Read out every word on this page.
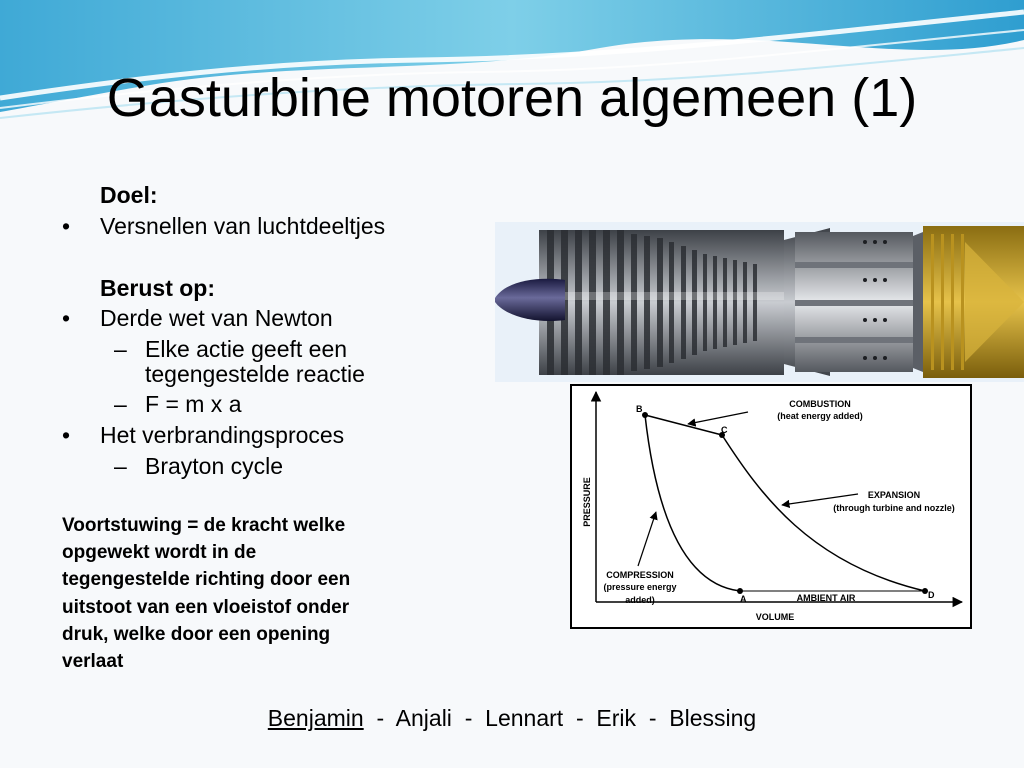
Gasturbine motoren algemeen (1)
Doel:
• Versnellen van luchtdeeltjes
Berust op:
• Derde wet van Newton
– Elke actie geeft een
tegengestelde reactie
– F = m x a
• Het verbrandingsproces
– Brayton cycle
Voortstuwing = de kracht welke
opgewekt wordt in de
tegengestelde richting door een
uitstoot van een vloeistof onder
druk, welke door een opening
verlaat
PRESSURE
VOLUME
B
C
A	D
COMBUSTION
(heat energy added)
EXPANSION
(through turbine and nozzle)
COMPRESSION
(pressure energy
added)	AMBIENT AIR
Benjamin - Anjali - Lennart - Erik - Blessing
